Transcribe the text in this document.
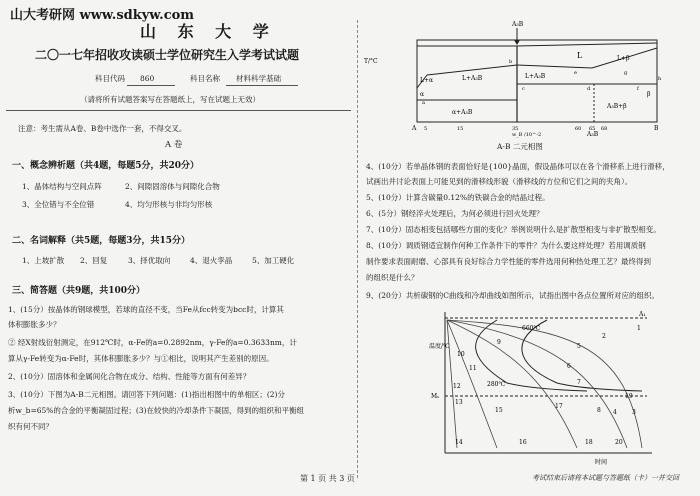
山大考研网 www.sdkyw.com
山 东 大 学
二〇一七年招收攻读硕士学位研究生入学考试试题
科目代码 860	科目名称 材料科学基础
（请将所有试题答案写在答题纸上，写在试题上无效）
注意：考生需从A卷、B卷中选作一套，不得交叉。
A 卷
一、概念辨析题（共4题，每题5分，共20分）
1、晶体结构与空间点阵	2、间隙固溶体与间隙化合物
3、全位错与不全位错	4、均匀形核与非均匀形核
二、名词解释（共5题，每题3分，共15分）
1、上坡扩散 2、回复	3、择优取向	4、退火孪晶	5、加工硬化
三、简答题（共9题，共100分）
1、(15分）按晶体的钢球模型，若球的直径不变，当Fe从fcc转变为bcc时，计算其
体积膨胀多少？
② 经X射线衍射测定，在912℃时，α-Fe的a=0.2892nm，γ-Fe的a=0.3633nm，计
算从γ-Fe转变为α-Fe时，其体积膨胀多少？与①相比，说明其产生差别的原因。
2、(10分）固溶体和金属间化合物在成分、结构、性能等方面有何差异？
3、(10分）下图为A-B二元相图。请回答下列问题：(1)指出相图中的单相区；(2)分
析w_b=65%的合金的平衡凝固过程；(3)在较快的冷却条件下凝固，得到的组织和平衡组
织有何不同？
第 1 页 共 3 页
T/°C
A₃B
A₃B
L
L+α	L+A₃B	L+A₃B
L+β
α
α+A₃B
A₃B+β
β
A
a
b
c	d
e
f
B
g
h
5	15	35	60 65 68
w_B /10^-2
A-B 二元相图
4、(10分）若单晶体钢的表面恰好是{100}晶面，假设晶体可以在各个滑移系上进行滑移，
试画出并讨论表面上可能见到的滑移线形貌（滑移线的方位和它们之间的夹角）。
5、(10分）计算含碳量0.12%的铁碳合金的结晶过程。
6、(5分）钢经淬火处理后，为何必须进行回火处理？
7、(10分）固态相变包括哪些方面的变化？举例说明什么是扩散型相变与非扩散型相变。
8、(10分）调质钢适宜制作何种工作条件下的零件？为什么要这样处理？若用调质钢
制作要求表面耐磨、心部具有良好综合力学性能的零件选用何种热处理工艺？最终得到
的组织是什么？
9、(20分）共析碳钢的C曲线和冷却曲线如图所示，试指出图中各点位置所对应的组织。
温度/℃
时间
A₁
Mₛ
660℃
280℃
1
2
3
4
5
6
7
8
9
10
11
12
13
14
15
16
17
18
19
20
考试结束后请将本试题与答题纸（卡）一并交回
